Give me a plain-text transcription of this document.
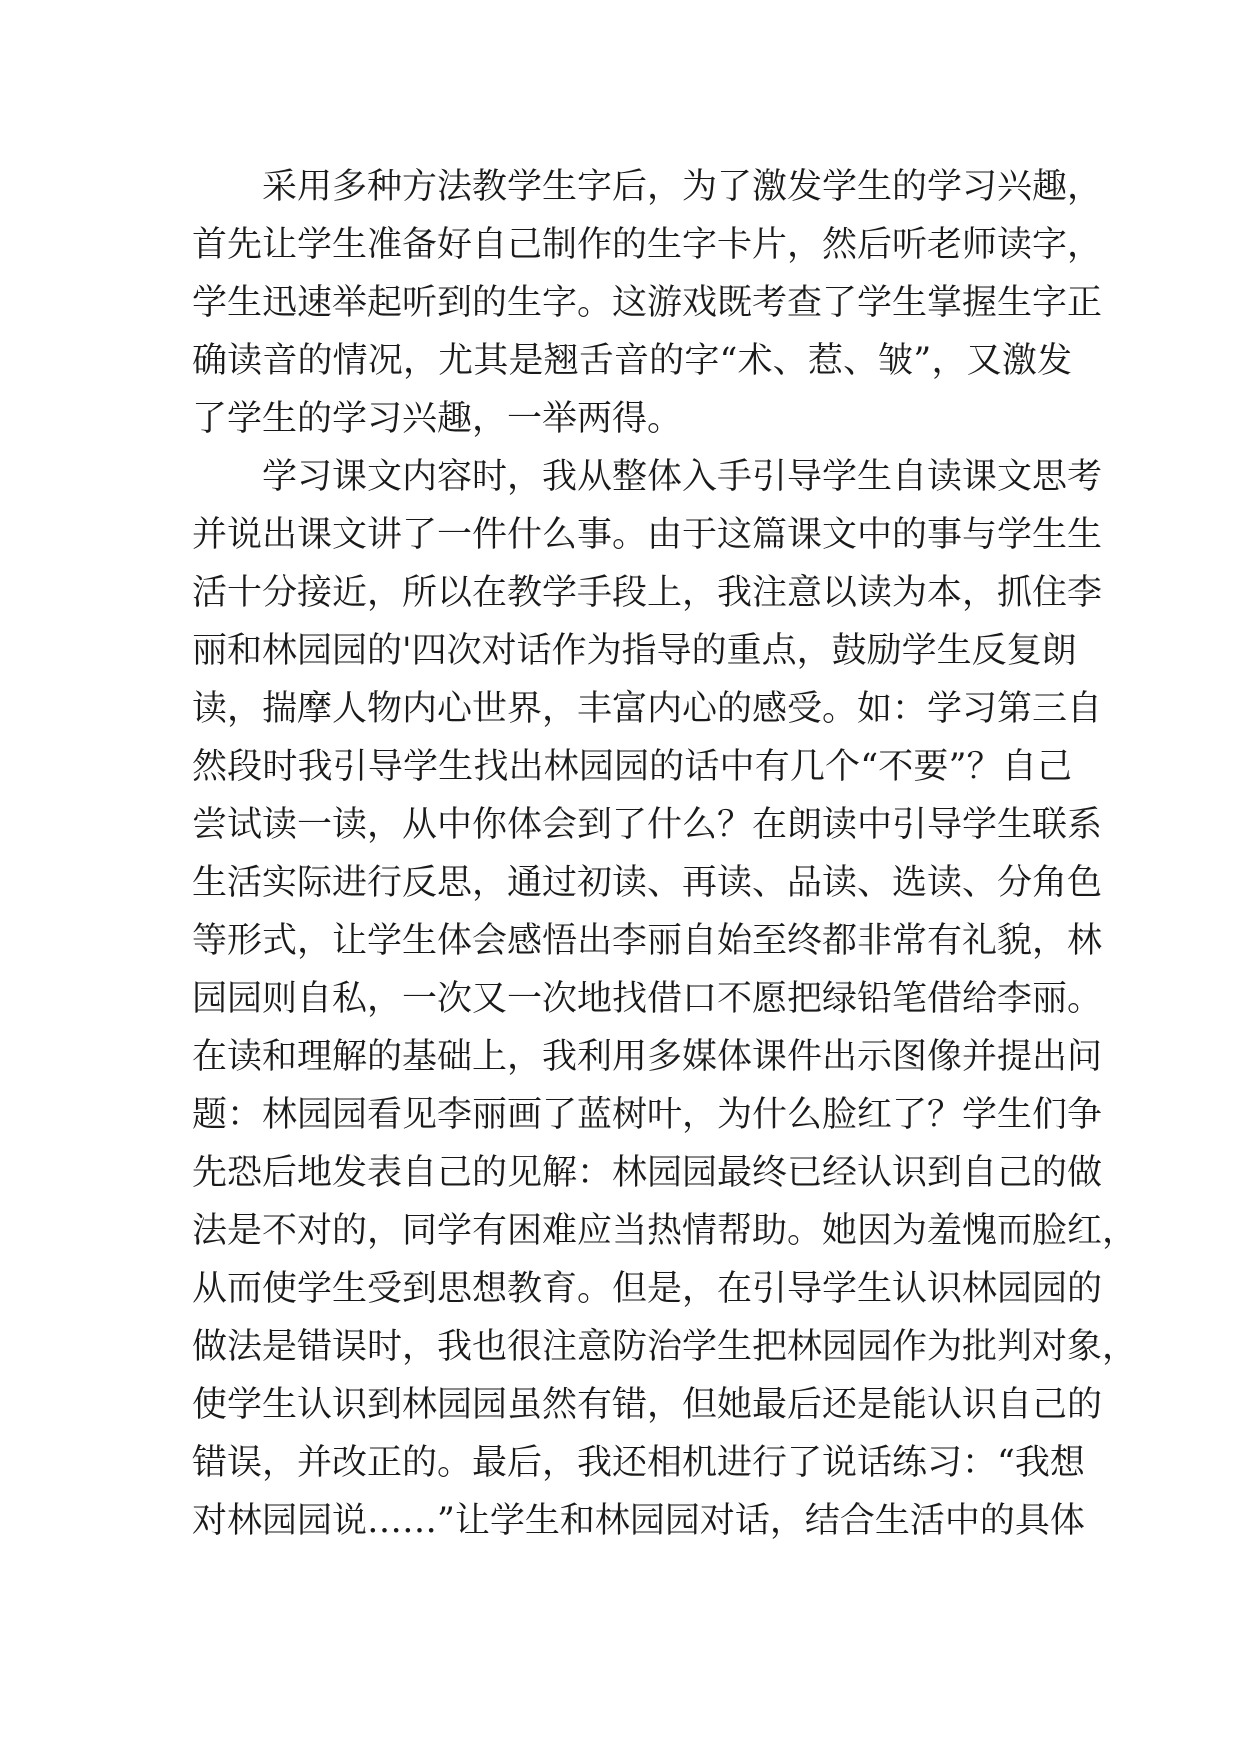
采用多种方法教学生字后，为了激发学生的学习兴趣，
首先让学生准备好自己制作的生字卡片，然后听老师读字，
学生迅速举起听到的生字。这游戏既考查了学生掌握生字正
确读音的情况，尤其是翘舌音的字“术、惹、皱”，又激发
了学生的学习兴趣，一举两得。
学习课文内容时，我从整体入手引导学生自读课文思考
并说出课文讲了一件什么事。由于这篇课文中的事与学生生
活十分接近，所以在教学手段上，我注意以读为本，抓住李
丽和林园园的'四次对话作为指导的重点，鼓励学生反复朗
读，揣摩人物内心世界，丰富内心的感受。如：学习第三自
然段时我引导学生找出林园园的话中有几个“不要”？自己
尝试读一读，从中你体会到了什么？在朗读中引导学生联系
生活实际进行反思，通过初读、再读、品读、选读、分角色
等形式，让学生体会感悟出李丽自始至终都非常有礼貌，林
园园则自私，一次又一次地找借口不愿把绿铅笔借给李丽。
在读和理解的基础上，我利用多媒体课件出示图像并提出问
题：林园园看见李丽画了蓝树叶，为什么脸红了？学生们争
先恐后地发表自己的见解：林园园最终已经认识到自己的做
法是不对的，同学有困难应当热情帮助。她因为羞愧而脸红，
从而使学生受到思想教育。但是，在引导学生认识林园园的
做法是错误时，我也很注意防治学生把林园园作为批判对象，
使学生认识到林园园虽然有错，但她最后还是能认识自己的
错误，并改正的。最后，我还相机进行了说话练习：“我想
对林园园说……”让学生和林园园对话，结合生活中的具体
